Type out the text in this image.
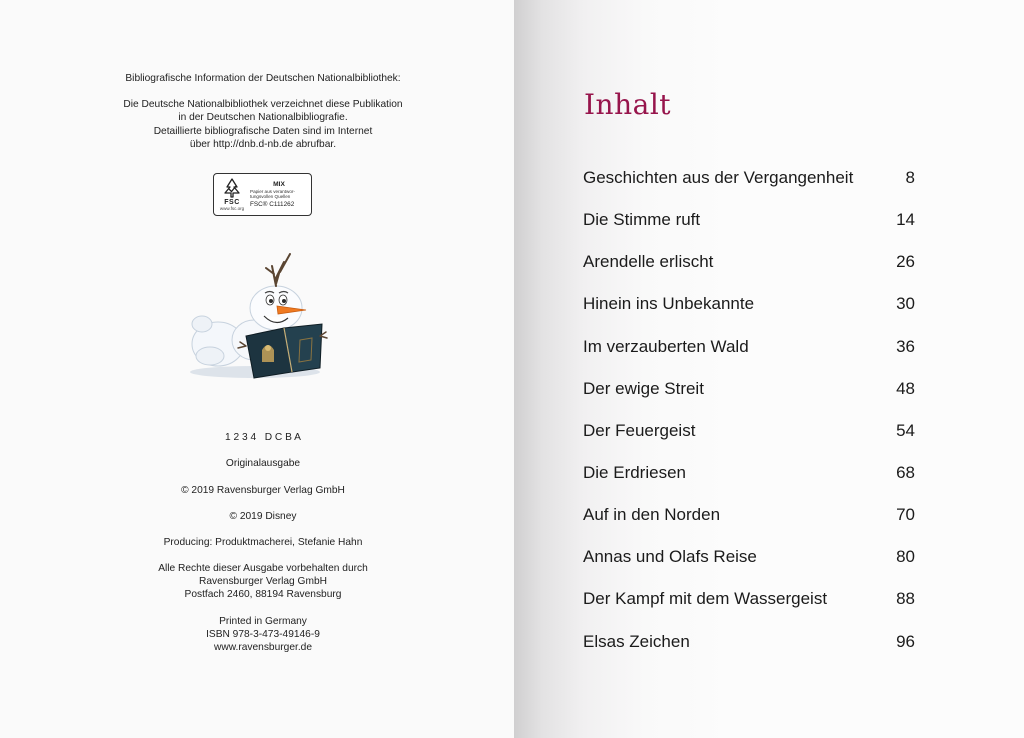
Bibliografische Information der Deutschen Nationalbibliothek:

Die Deutsche Nationalbibliothek verzeichnet diese Publikation

in der Deutschen Nationalbibliografie.

Detaillierte bibliografische Daten sind im Internet

über http://dnb.d-nb.de abrufbar.

FSC
www.fsc.org
MIX
Papier aus verantwor-
tungsvollen Quellen
FSC® C111262

1 2 3 4   D C B A

Originalausgabe

© 2019 Ravensburger Verlag GmbH

© 2019 Disney

Producing: Produktmacherei, Stefanie Hahn

Alle Rechte dieser Ausgabe vorbehalten durch

Ravensburger Verlag GmbH

Postfach 2460, 88194 Ravensburg

Printed in Germany

ISBN 978-3-473-49146-9

www.ravensburger.de

Inhalt
Geschichten aus der Vergangenheit	8
Die Stimme ruft	14
Arendelle erlischt	26
Hinein ins Unbekannte	30
Im verzauberten Wald	36
Der ewige Streit	48
Der Feuergeist	54
Die Erdriesen	68
Auf in den Norden	70
Annas und Olafs Reise	80
Der Kampf mit dem Wassergeist	88
Elsas Zeichen	96
